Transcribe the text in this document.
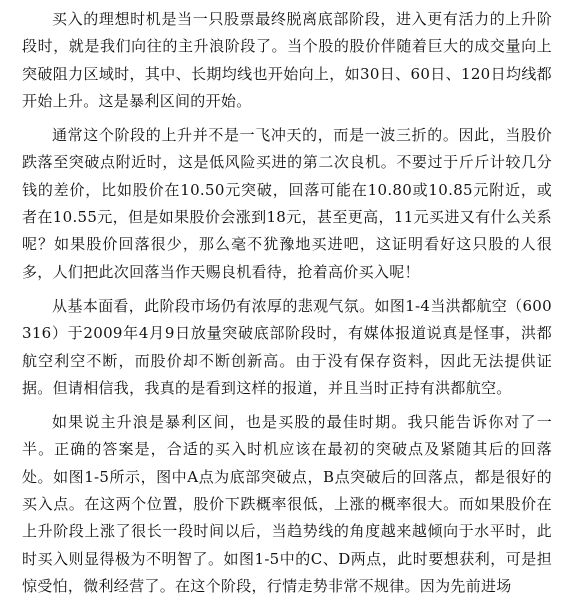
买入的理想时机是当一只股票最终脱离底部阶段，进入更有活力的上升阶段时，就是我们向往的主升浪阶段了。当个股的股价伴随着巨大的成交量向上突破阻力区域时，其中、长期均线也开始向上，如30日、60日、120日均线都开始上升。这是暴利区间的开始。

通常这个阶段的上升并不是一飞冲天的，而是一波三折的。因此，当股价跌落至突破点附近时，这是低风险买进的第二次良机。不要过于斤斤计较几分钱的差价，比如股价在10.50元突破，回落可能在10.80或10.85元附近，或者在10.55元，但是如果股价会涨到18元，甚至更高，11元买进又有什么关系呢？如果股价回落很少，那么毫不犹豫地买进吧，这证明看好这只股的人很多，人们把此次回落当作天赐良机看待，抢着高价买入呢！

从基本面看，此阶段市场仍有浓厚的悲观气氛。如图1-4当洪都航空（600316）于2009年4月9日放量突破底部阶段时，有媒体报道说真是怪事，洪都航空利空不断，而股价却不断创新高。由于没有保存资料，因此无法提供证据。但请相信我，我真的是看到这样的报道，并且当时正持有洪都航空。

如果说主升浪是暴利区间，也是买股的最佳时期。我只能告诉你对了一半。正确的答案是，合适的买入时机应该在最初的突破点及紧随其后的回落处。如图1-5所示，图中A点为底部突破点，B点突破后的回落点，都是很好的买入点。在这两个位置，股价下跌概率很低，上涨的概率很大。而如果股价在上升阶段上涨了很长一段时间以后，当趋势线的角度越来越倾向于水平时，此时买入则显得极为不明智了。如图1-5中的C、D两点，此时要想获利，可是担惊受怕，微利经营了。在这个阶段，行情走势非常不规律。因为先前进场
